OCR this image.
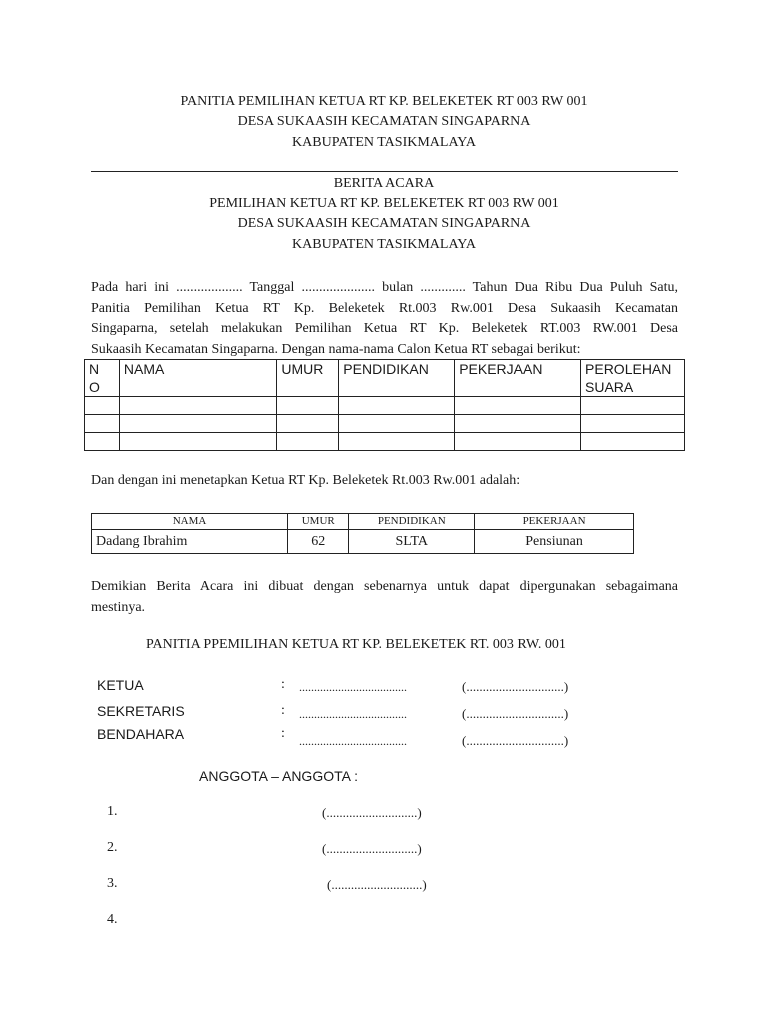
PANITIA PEMILIHAN KETUA RT KP. BELEKETEK RT 003 RW 001
DESA SUKAASIH KECAMATAN SINGAPARNA
KABUPATEN TASIKMALAYA
BERITA ACARA
PEMILIHAN KETUA RT KP. BELEKETEK RT 003 RW 001
DESA SUKAASIH KECAMATAN SINGAPARNA
KABUPATEN TASIKMALAYA
Pada hari ini ................... Tanggal ..................... bulan ............. Tahun Dua Ribu Dua Puluh Satu,
Panitia Pemilihan Ketua RT Kp. Beleketek Rt.003 Rw.001 Desa Sukaasih Kecamatan
Singaparna, setelah melakukan Pemilihan Ketua RT Kp. Beleketek RT.003 RW.001 Desa
Sukaasih Kecamatan Singaparna. Dengan nama-nama Calon Ketua RT sebagai berikut:
N
O	NAMA	UMUR	PENDIDIKAN	PEKERJAAN	PEROLEHAN
SUARA

Dan dengan ini menetapkan Ketua RT Kp. Beleketek Rt.003 Rw.001 adalah:
NAMA	UMUR	PENDIDIKAN	PEKERJAAN
Dadang Ibrahim	62	SLTA	Pensiunan
Demikian Berita Acara ini dibuat dengan sebenarnya untuk dapat dipergunakan sebagaimana
mestinya.
PANITIA PPEMILIHAN KETUA RT KP. BELEKETEK RT. 003 RW. 001
KETUA	: ....................................	(..............................)
SEKRETARIS	: ....................................	(..............................)
BENDAHARA	: ....................................	(..............................)
ANGGOTA – ANGGOTA :
1.	(............................)
2.	(............................)
3.	(............................)
4.
